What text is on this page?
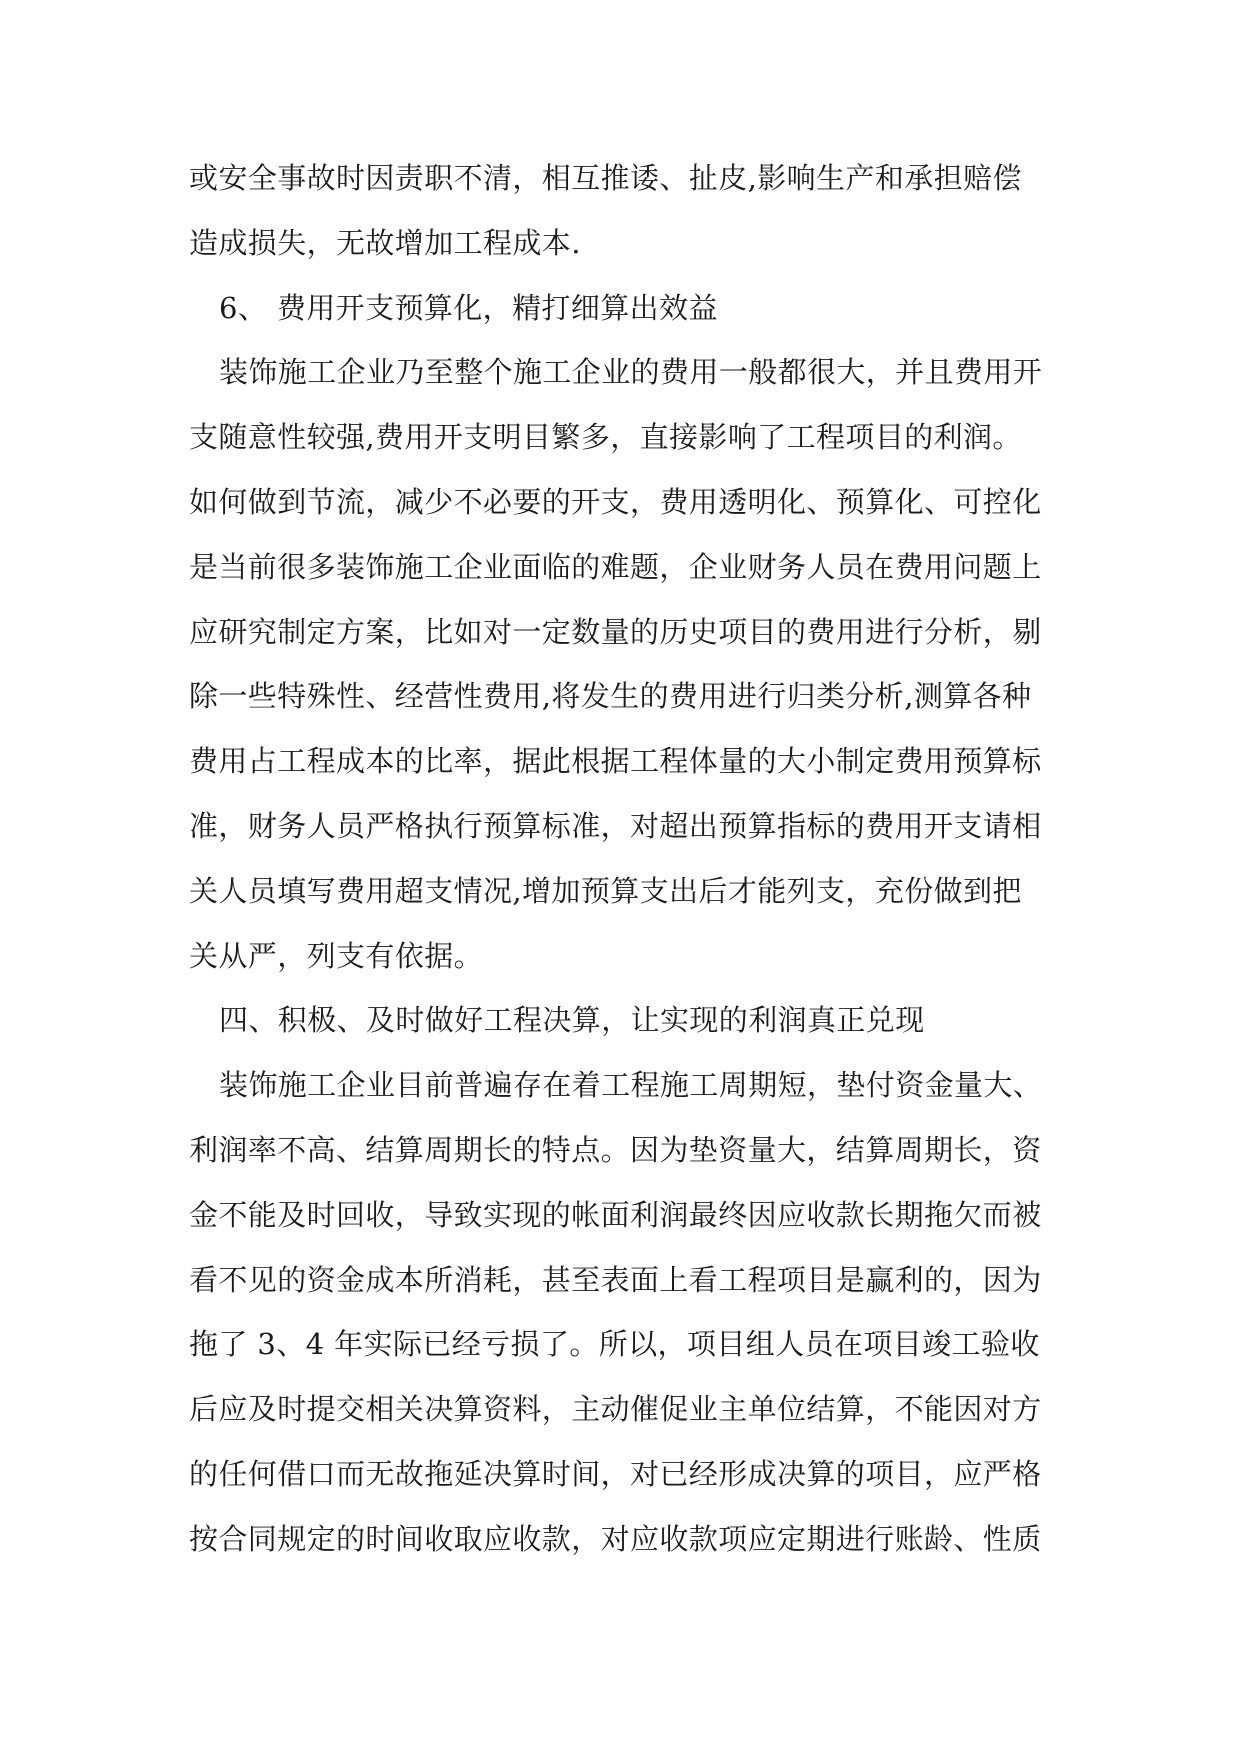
或安全事故时因责职不清，相互推诿、扯皮,影响生产和承担赔偿
造成损失，无故增加工程成本.
6、 费用开支预算化，精打细算出效益
装饰施工企业乃至整个施工企业的费用一般都很大，并且费用开
支随意性较强,费用开支明目繁多，直接影响了工程项目的利润。
如何做到节流，减少不必要的开支，费用透明化、预算化、可控化
是当前很多装饰施工企业面临的难题，企业财务人员在费用问题上
应研究制定方案，比如对一定数量的历史项目的费用进行分析，剔
除一些特殊性、经营性费用,将发生的费用进行归类分析,测算各种
费用占工程成本的比率，据此根据工程体量的大小制定费用预算标
准，财务人员严格执行预算标准，对超出预算指标的费用开支请相
关人员填写费用超支情况,增加预算支出后才能列支，充份做到把
关从严，列支有依据。
四、积极、及时做好工程决算，让实现的利润真正兑现
装饰施工企业目前普遍存在着工程施工周期短，垫付资金量大、
利润率不高、结算周期长的特点。因为垫资量大，结算周期长，资
金不能及时回收，导致实现的帐面利润最终因应收款长期拖欠而被
看不见的资金成本所消耗，甚至表面上看工程项目是赢利的，因为
拖了 3、4 年实际已经亏损了。所以，项目组人员在项目竣工验收
后应及时提交相关决算资料，主动催促业主单位结算，不能因对方
的任何借口而无故拖延决算时间，对已经形成决算的项目，应严格
按合同规定的时间收取应收款，对应收款项应定期进行账龄、性质
